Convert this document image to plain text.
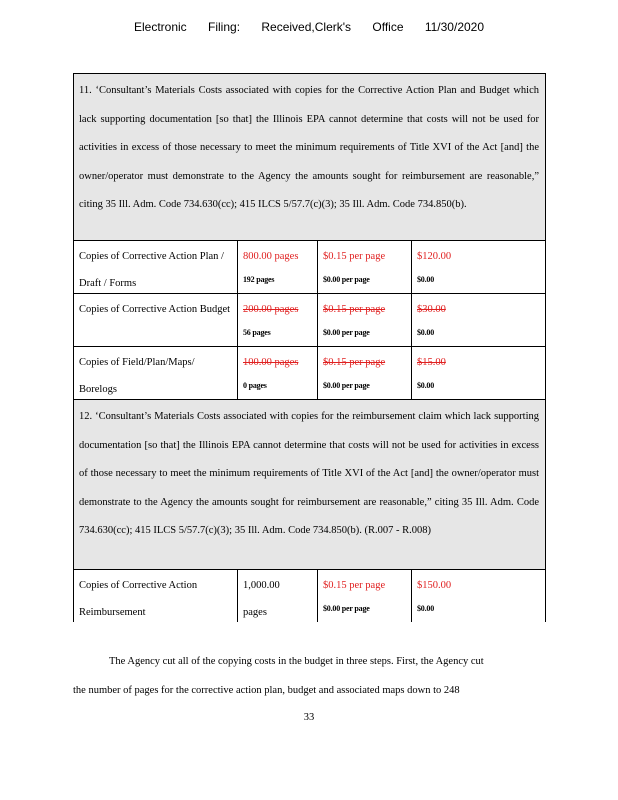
Electronic Filing: Received,Clerk's Office 11/30/2020
11. ‘Consultant’s Materials Costs associated with copies for the Corrective Action Plan and Budget which lack supporting documentation [so that] the Illinois EPA cannot determine that costs will not be used for activities in excess of those necessary to meet the minimum requirements of Title XVI of the Act [and] the owner/operator must demonstrate to the Agency the amounts sought for reimbursement are reasonable,” citing 35 Ill. Adm. Code 734.630(cc); 415 ILCS 5/57.7(c)(3); 35 Ill. Adm. Code 734.850(b).
Copies of Corrective Action Plan / Draft / Forms
800.00 pages
192 pages
$0.15 per page
$0.00 per page
$120.00
$0.00
Copies of Corrective Action Budget	200.00 pages
56 pages
$0.15 per page
$0.00 per page
$30.00
$0.00
Copies of Field/Plan/Maps/ Borelogs
100.00 pages
0 pages
$0.15 per page
$0.00 per page
$15.00
$0.00
12. ‘Consultant’s Materials Costs associated with copies for the reimbursement claim which lack supporting documentation [so that] the Illinois EPA cannot determine that costs will not be used for activities in excess of those necessary to meet the minimum requirements of Title XVI of the Act [and] the owner/operator must demonstrate to the Agency the amounts sought for reimbursement are reasonable,” citing 35 Ill. Adm. Code 734.630(cc); 415 ILCS 5/57.7(c)(3); 35 Ill. Adm. Code 734.850(b). (R.007 - R.008)
Copies of Corrective Action Reimbursement
1,000.00
pages
$0.15 per page
$0.00 per page
$150.00
$0.00
The Agency cut all of the copying costs in the budget in three steps. First, the Agency cut
the number of pages for the corrective action plan, budget and associated maps down to 248
33
